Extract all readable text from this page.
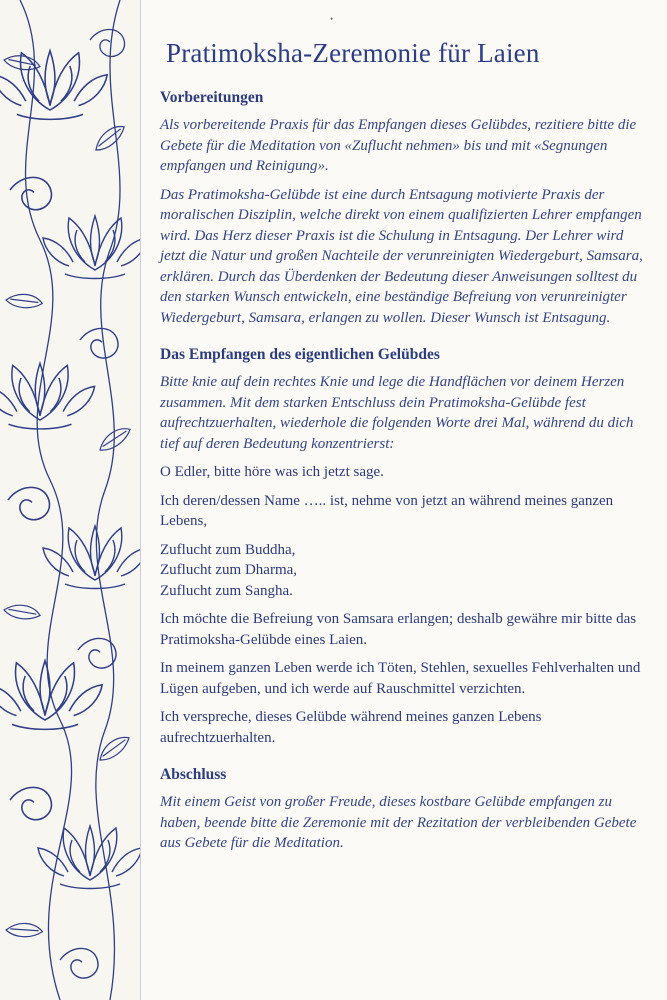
•
Pratimoksha-Zeremonie für Laien
Vorbereitungen

Als vorbereitende Praxis für das Empfangen dieses Gelübdes, rezitiere bitte die Gebete für die Meditation von «Zuflucht nehmen» bis und mit «Segnungen empfangen und Reinigung».

Das Pratimoksha-Gelübde ist eine durch Entsagung motivierte Praxis der moralischen Disziplin, welche direkt von einem qualifizierten Lehrer empfangen wird. Das Herz dieser Praxis ist die Schulung in Entsagung. Der Lehrer wird jetzt die Natur und großen Nachteile der verunreinigten Wiedergeburt, Samsara, erklären. Durch das Überdenken der Bedeutung dieser Anweisungen solltest du den starken Wunsch entwickeln, eine beständige Befreiung von verunreinigter Wiedergeburt, Samsara, erlangen zu wollen. Dieser Wunsch ist Entsagung.

Das Empfangen des eigentlichen Gelübdes

Bitte knie auf dein rechtes Knie und lege die Handflächen vor deinem Herzen zusammen. Mit dem starken Entschluss dein Pratimoksha-Gelübde fest aufrechtzuerhalten, wiederhole die folgenden Worte drei Mal, während du dich tief auf deren Bedeutung konzentrierst:

O Edler, bitte höre was ich jetzt sage.

Ich deren/dessen Name ….. ist, nehme von jetzt an während meines ganzen Lebens,

Zuflucht zum Buddha,
Zuflucht zum Dharma,
Zuflucht zum Sangha.

Ich möchte die Befreiung von Samsara erlangen; deshalb gewähre mir bitte das Pratimoksha-Gelübde eines Laien.

In meinem ganzen Leben werde ich Töten, Stehlen, sexuelles Fehlverhalten und Lügen aufgeben, und ich werde auf Rauschmittel verzichten.

Ich verspreche, dieses Gelübde während meines ganzen Lebens aufrechtzuerhalten.

Abschluss

Mit einem Geist von großer Freude, dieses kostbare Gelübde empfangen zu haben, beende bitte die Zeremonie mit der Rezitation der verbleibenden Gebete aus Gebete für die Meditation.
